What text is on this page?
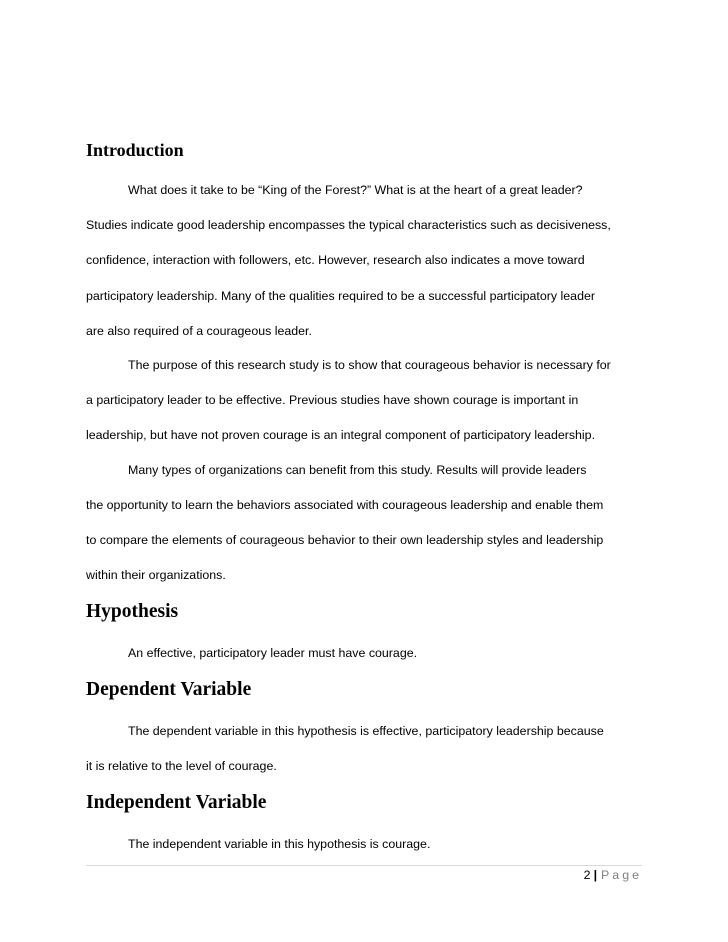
Introduction

What does it take to be “King of the Forest?” What is at the heart of a great leader?

Studies indicate good leadership encompasses the typical characteristics such as decisiveness,

confidence, interaction with followers, etc. However, research also indicates a move toward

participatory leadership. Many of the qualities required to be a successful participatory leader

are also required of a courageous leader.

The purpose of this research study is to show that courageous behavior is necessary for

a participatory leader to be effective. Previous studies have shown courage is important in

leadership, but have not proven courage is an integral component of participatory leadership.

Many types of organizations can benefit from this study. Results will provide leaders

the opportunity to learn the behaviors associated with courageous leadership and enable them

to compare the elements of courageous behavior to their own leadership styles and leadership

within their organizations.

Hypothesis

An effective, participatory leader must have courage.

Dependent Variable

The dependent variable in this hypothesis is effective, participatory leadership because

it is relative to the level of courage.

Independent Variable

The independent variable in this hypothesis is courage.

2 | Page
